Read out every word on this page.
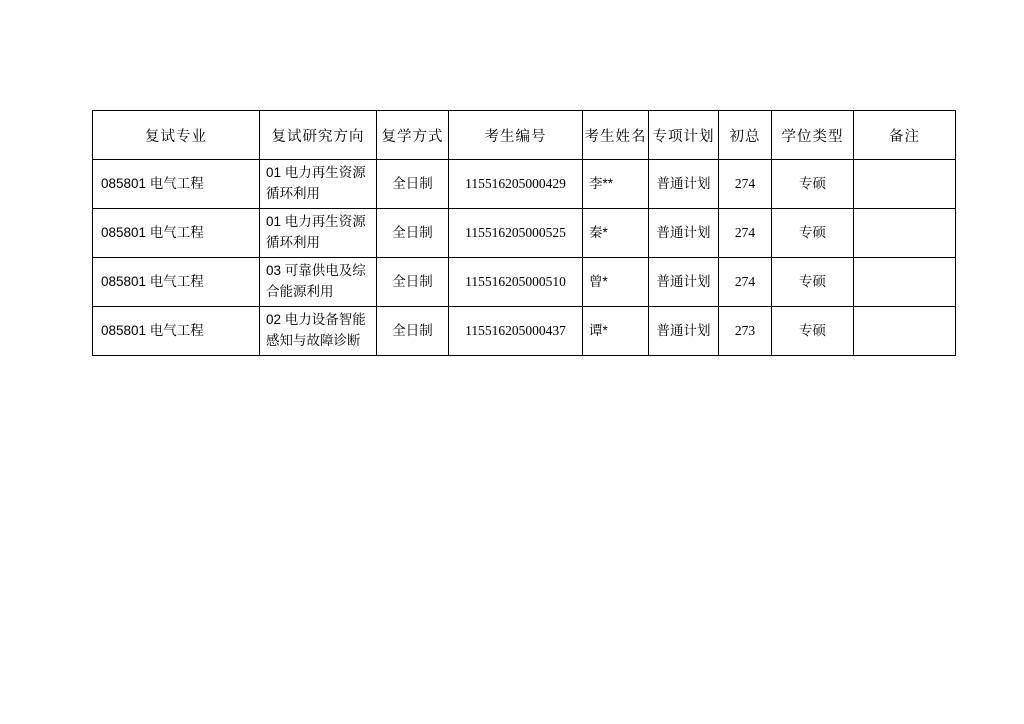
复试专业	复试研究方向	复学方式	考生编号	考生姓名	专项计划	初总	学位类型	备注

085801 电气工程	01 电力再生资源循环利用	全日制	115516205000429	李**	普通计划	274	专硕	

085801 电气工程	01 电力再生资源循环利用	全日制	115516205000525	秦*	普通计划	274	专硕	

085801 电气工程	03 可靠供电及综合能源利用	全日制	115516205000510	曾*	普通计划	274	专硕	

085801 电气工程	02 电力设备智能感知与故障诊断	全日制	115516205000437	谭*	普通计划	273	专硕	
